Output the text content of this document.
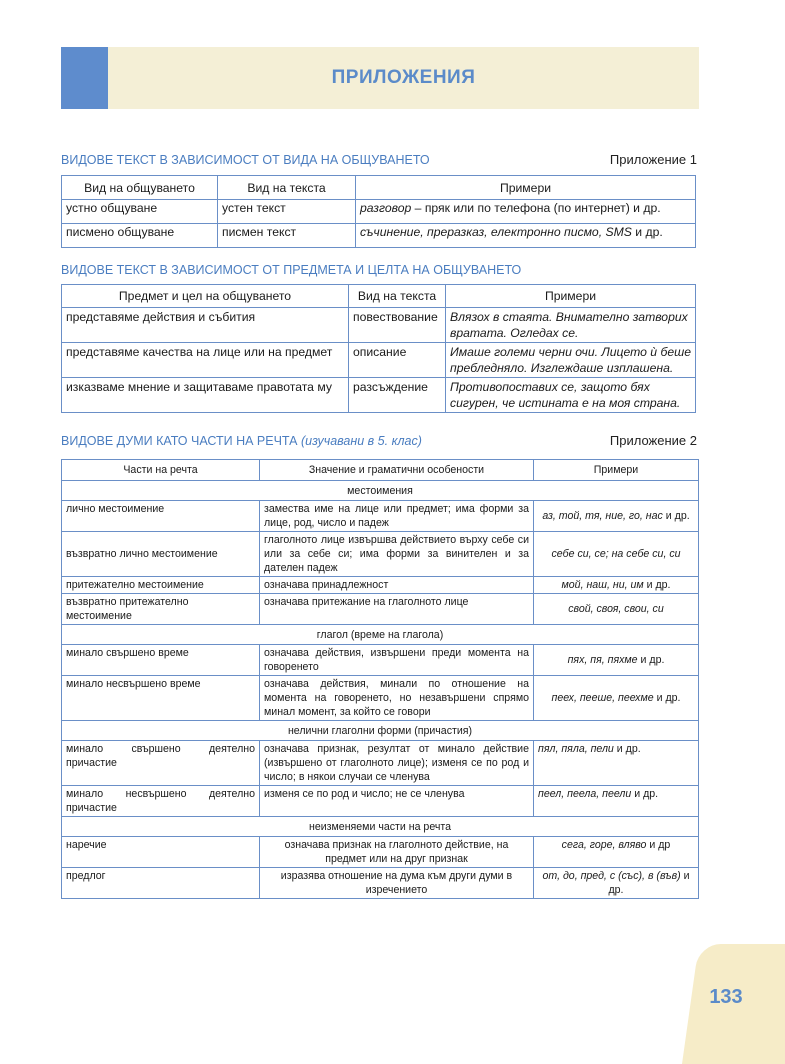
ПРИЛОЖЕНИЯ
ВИДОВЕ ТЕКСТ В ЗАВИСИМОСТ ОТ ВИДА НА ОБЩУВАНЕТО	Приложение 1
Вид на общуването	Вид на текста	Примери
устно общуване	устен текст	разговор – пряк или по телефона (по интернет) и др.
писмено общуване	писмен текст	съчинение, преразказ, електронно писмо, SMS и др.
ВИДОВЕ ТЕКСТ В ЗАВИСИМОСТ ОТ ПРЕДМЕТА И ЦЕЛТА НА ОБЩУВАНЕТО
Предмет и цел на общуването	Вид на текста	Примери
представяме действия и събития	повествование	Влязох в стаята. Внимателно затворих вратата. Огледах се.
представяме качества на лице или на предмет	описание	Имаше големи черни очи. Лицето ѝ беше пребледняло. Изглеждаше изплашена.
изказваме мнение и защитаваме правотата му	разсъждение	Противопоставих се, защото бях сигурен, че истината е на моя страна.
ВИДОВЕ ДУМИ КАТО ЧАСТИ НА РЕЧТА (изучавани в 5. клас)	Приложение 2
Части на речта	Значение и граматични особености	Примери
местоимения		
лично местоимение	замества име на лице или предмет; има форми за лице, род, число и падеж	аз, той, тя, ние, го, нас и др.
възвратно лично местоимение	глаголното лице извършва действието върху себе си или за себе си; има форми за винителен и за дателен падеж	себе си, се; на себе си, си
притежателно местоимение	означава принадлежност	мой, наш, ни, им и др.
възвратно притежателно местоимение	означава притежание на глаголното лице	свой, своя, свои, си
глагол (време на глагола)		
минало свършено време	означава действия, извършени преди момента на говоренето	пях, пя, пяхме и др.
минало несвършено време	означава действия, минали по отношение на момента на говоренето, но незавършени спрямо минал момент, за който се говори	пеех, пееше, пеехме и др.
нелични глаголни форми (причастия)		
минало свършено деятелно причастие	означава признак, резултат от минало действие (извършено от глаголното лице); изменя се по род и число; в някои случаи се членува	пял, пяла, пели и др.
минало несвършено деятелно причастие	изменя се по род и число; не се членува	пеел, пеела, пеели и др.
неизменяеми части на речта		
наречие	означава признак на глаголното действие, на предмет или на друг признак	сега, горе, вляво и др
предлог	изразява отношение на дума към други думи в изречението	от, до, пред, с (със), в (във) и др.
133
